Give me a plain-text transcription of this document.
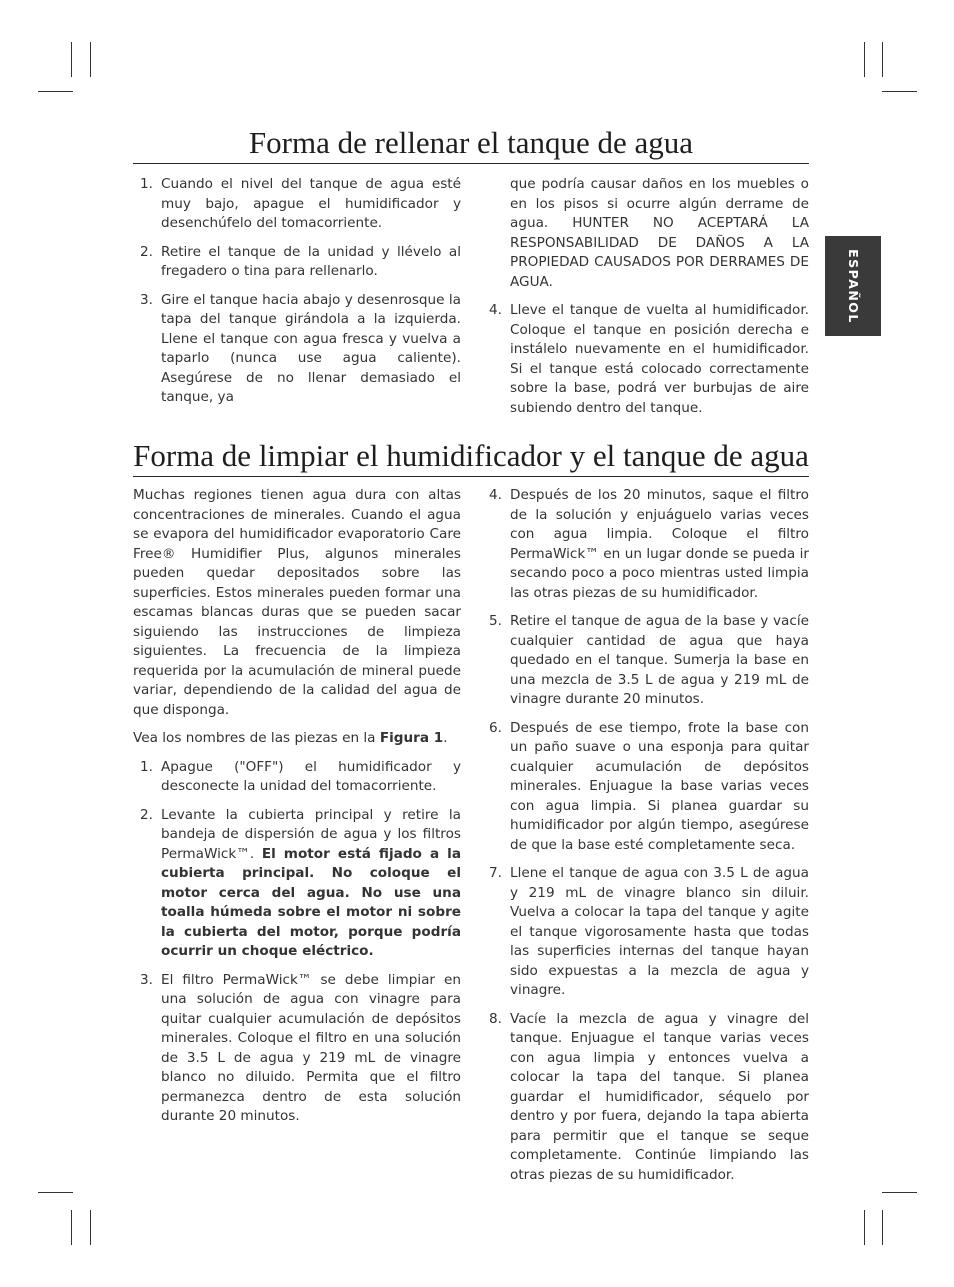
ESPAÑOL
Forma de rellenar el tanque de agua
1. Cuando el nivel del tanque de agua esté muy bajo, apague el humidificador y desenchúfelo del tomacorriente.
2. Retire el tanque de la unidad y llévelo al fregadero o tina para rellenarlo.
3. Gire el tanque hacia abajo y desenrosque la tapa del tanque girándola a la izquierda. Llene el tanque con agua fresca y vuelva a taparlo (nunca use agua caliente). Asegúrese de no llenar demasiado el tanque, ya
que podría causar daños en los muebles o en los pisos si ocurre algún derrame de agua. HUNTER NO ACEPTARÁ LA RESPONSABILIDAD DE DAÑOS A LA PROPIEDAD CAUSADOS POR DERRAMES DE AGUA.
4. Lleve el tanque de vuelta al humidificador. Coloque el tanque en posición derecha e instálelo nuevamente en el humidificador. Si el tanque está colocado correctamente sobre la base, podrá ver burbujas de aire subiendo dentro del tanque.
Forma de limpiar el humidificador y el tanque de agua

Muchas regiones tienen agua dura con altas concentraciones de minerales. Cuando el agua se evapora del humidificador evaporatorio Care Free® Humidifier Plus, algunos minerales pueden quedar depositados sobre las superficies. Estos minerales pueden formar una escamas blancas duras que se pueden sacar siguiendo las instrucciones de limpieza siguientes. La frecuencia de la limpieza requerida por la acumulación de mineral puede variar, dependiendo de la calidad del agua de que disponga.

Vea los nombres de las piezas en la Figura 1.

1. Apague ("OFF") el humidificador y desconecte la unidad del tomacorriente.
2. Levante la cubierta principal y retire la bandeja de dispersión de agua y los filtros PermaWick™. El motor está fijado a la cubierta principal. No coloque el motor cerca del agua. No use una toalla húmeda sobre el motor ni sobre la cubierta del motor, porque podría ocurrir un choque eléctrico.
3. El filtro PermaWick™ se debe limpiar en una solución de agua con vinagre para quitar cualquier acumulación de depósitos minerales. Coloque el filtro en una solución de 3.5 L de agua y 219 mL de vinagre blanco no diluido. Permita que el filtro permanezca dentro de esta solución durante 20 minutos.
4. Después de los 20 minutos, saque el filtro de la solución y enjuáguelo varias veces con agua limpia. Coloque el filtro PermaWick™ en un lugar donde se pueda ir secando poco a poco mientras usted limpia las otras piezas de su humidificador.
5. Retire el tanque de agua de la base y vacíe cualquier cantidad de agua que haya quedado en el tanque. Sumerja la base en una mezcla de 3.5 L de agua y 219 mL de vinagre durante 20 minutos.
6. Después de ese tiempo, frote la base con un paño suave o una esponja para quitar cualquier acumulación de depósitos minerales. Enjuague la base varias veces con agua limpia. Si planea guardar su humidificador por algún tiempo, asegúrese de que la base esté completamente seca.
7. Llene el tanque de agua con 3.5 L de agua y 219 mL de vinagre blanco sin diluir. Vuelva a colocar la tapa del tanque y agite el tanque vigorosamente hasta que todas las superficies internas del tanque hayan sido expuestas a la mezcla de agua y vinagre.
8. Vacíe la mezcla de agua y vinagre del tanque. Enjuague el tanque varias veces con agua limpia y entonces vuelva a colocar la tapa del tanque. Si planea guardar el humidificador, séquelo por dentro y por fuera, dejando la tapa abierta para permitir que el tanque se seque completamente. Continúe limpiando las otras piezas de su humidificador.
